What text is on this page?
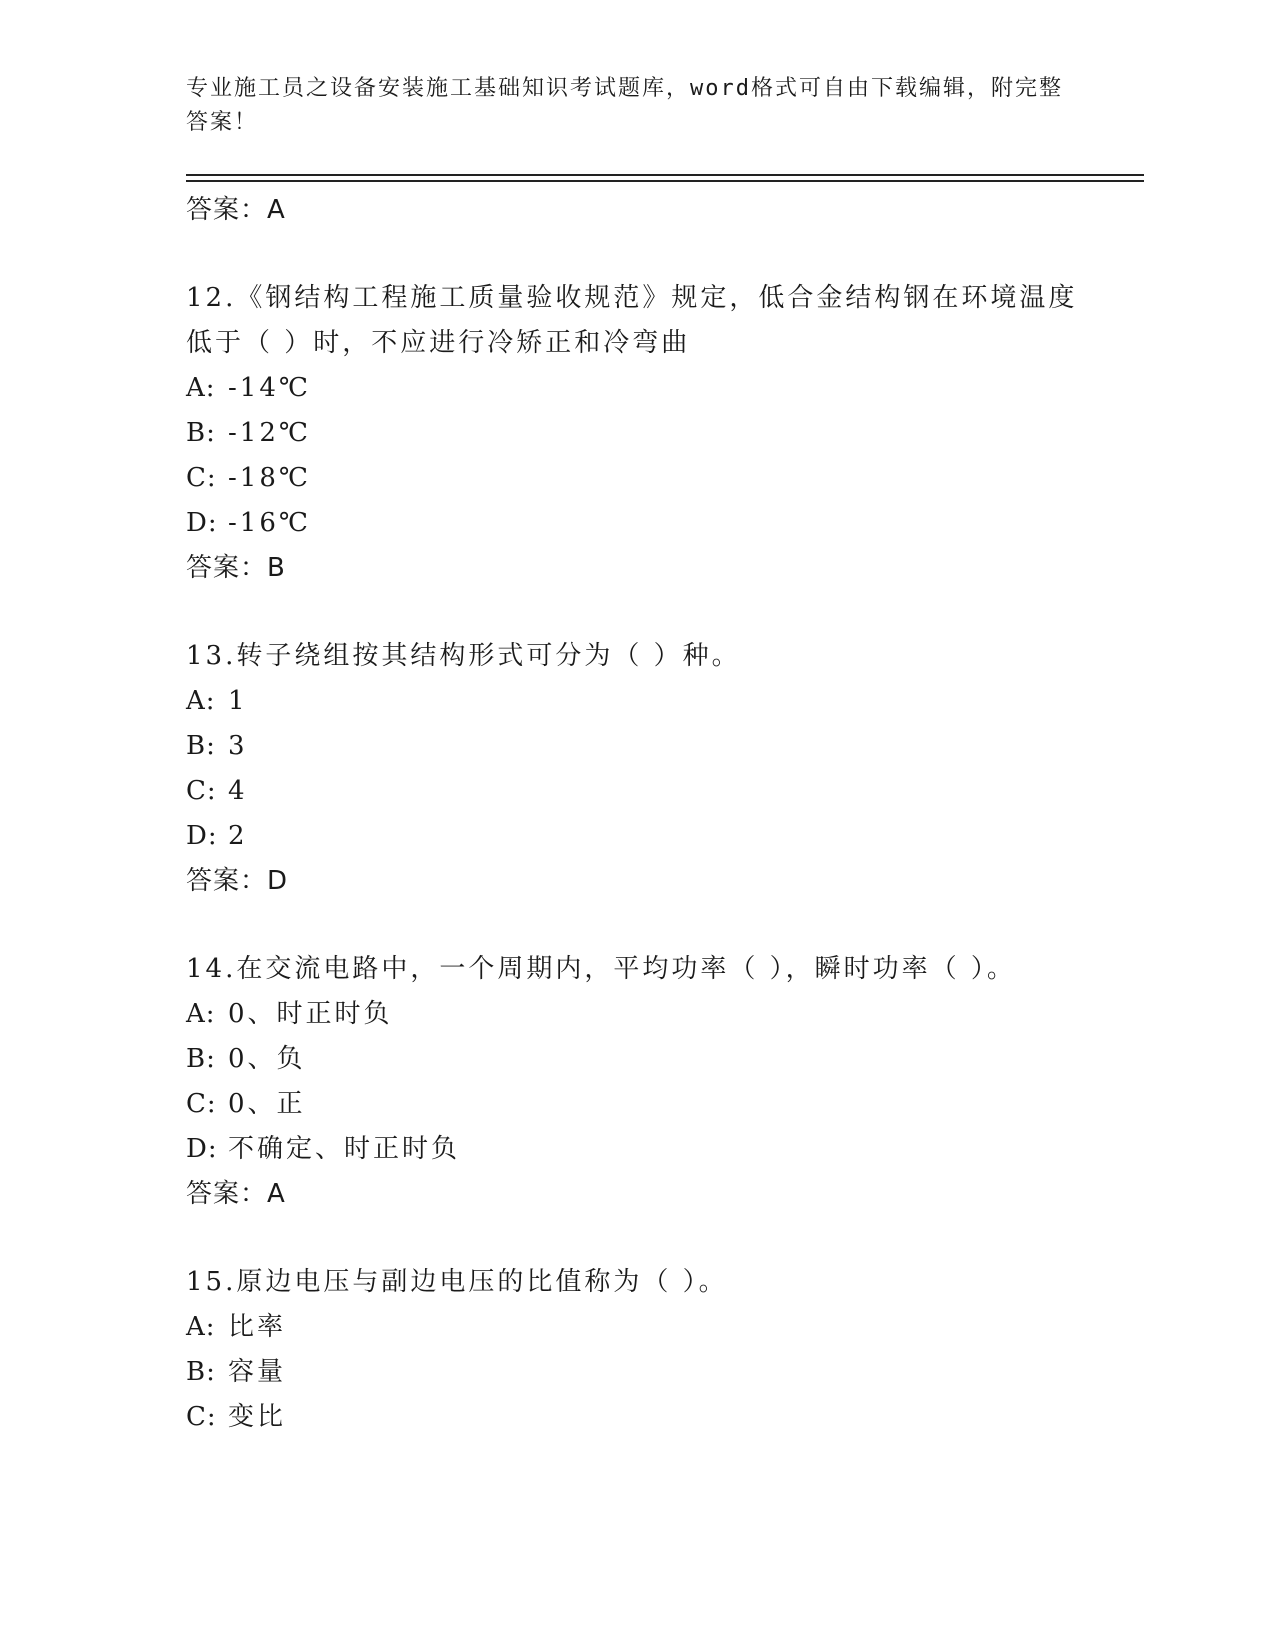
专业施工员之设备安装施工基础知识考试题库，word格式可自由下载编辑，附完整答案！
答案：A
12.《钢结构工程施工质量验收规范》规定，低合金结构钢在环境温度低于（ ）时，不应进行冷矫正和冷弯曲
A: -14℃
B: -12℃
C: -18℃
D: -16℃
答案：B
13.转子绕组按其结构形式可分为（ ）种。
A: 1
B: 3
C: 4
D: 2
答案：D
14.在交流电路中，一个周期内，平均功率（ ），瞬时功率（ ）。
A: 0、时正时负
B: 0、负
C: 0、正
D: 不确定、时正时负
答案：A
15.原边电压与副边电压的比值称为（ ）。
A: 比率
B: 容量
C: 变比
